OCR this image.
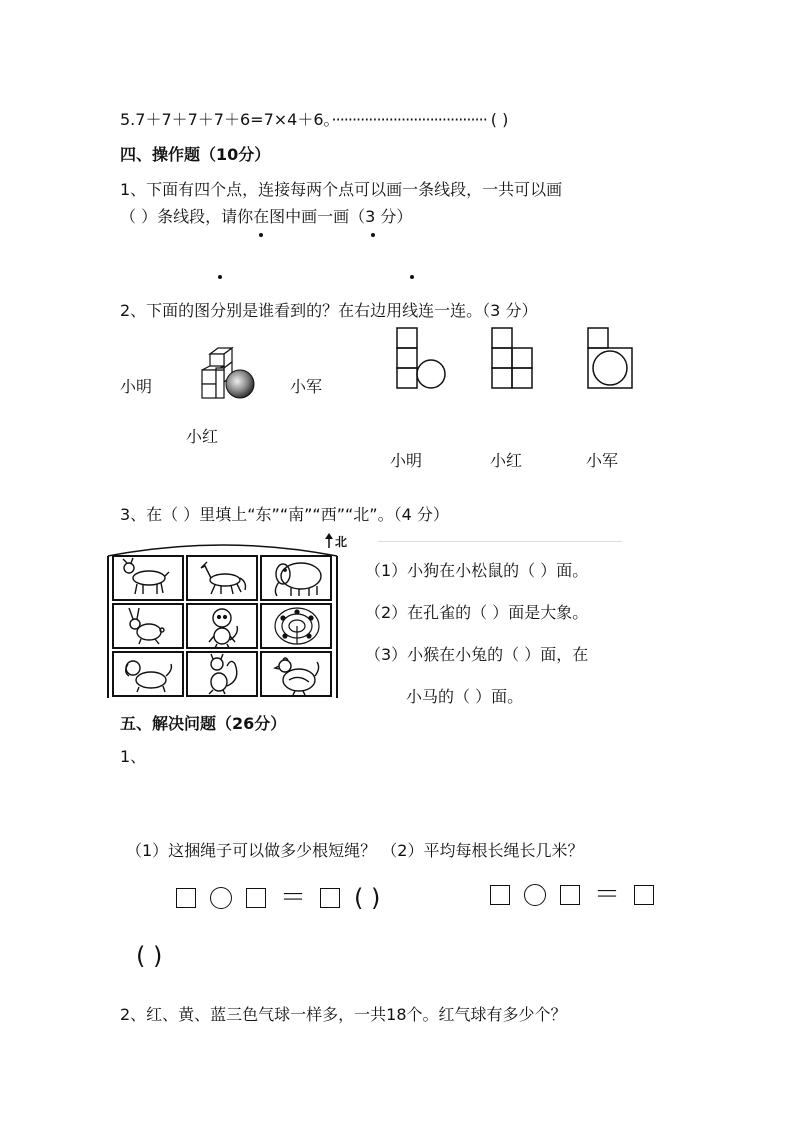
5.7＋7＋7＋7＋6=7×4＋6。······································ ( )
四、操作题（10分）
1、下面有四个点，连接每两个点可以画一条线段，一共可以画
（ ）条线段，请你在图中画一画（3 分）
2、下面的图分别是谁看到的？在右边用线连一连。（3 分）
小明	小军
小红
小明	小红	小军
3、在（ ）里填上“东”“南”“西”“北”。（4 分）
北
（1）小狗在小松鼠的（ ）面。
（2）在孔雀的（ ）面是大象。
（3）小猴在小兔的（ ）面，在
小马的（ ）面。
五、解决问题（26分）
1、
（1）这捆绳子可以做多少根短绳？ （2）平均每根长绳长几米？
＝ ( )	＝
( )
2、红、黄、蓝三色气球一样多，一共18个。红气球有多少个？
